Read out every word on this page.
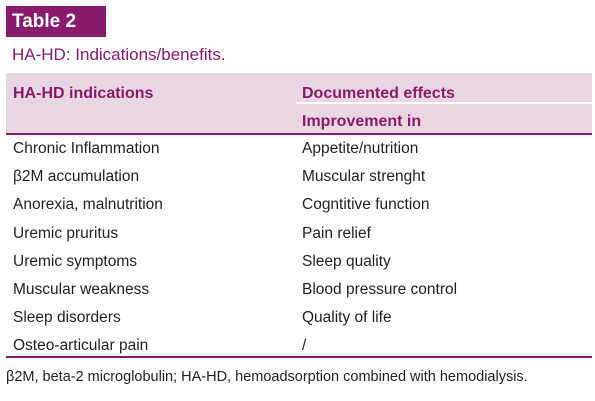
Table 2
HA-HD: Indications/benefits.
HA-HD indications	Documented effects
Improvement in
Chronic Inflammation	Appetite/nutrition
β2M accumulation	Muscular strenght
Anorexia, malnutrition	Cogntitive function
Uremic pruritus	Pain relief
Uremic symptoms	Sleep quality
Muscular weakness	Blood pressure control
Sleep disorders	Quality of life
Osteo-articular pain	/
β2M, beta-2 microglobulin; HA-HD, hemoadsorption combined with hemodialysis.
